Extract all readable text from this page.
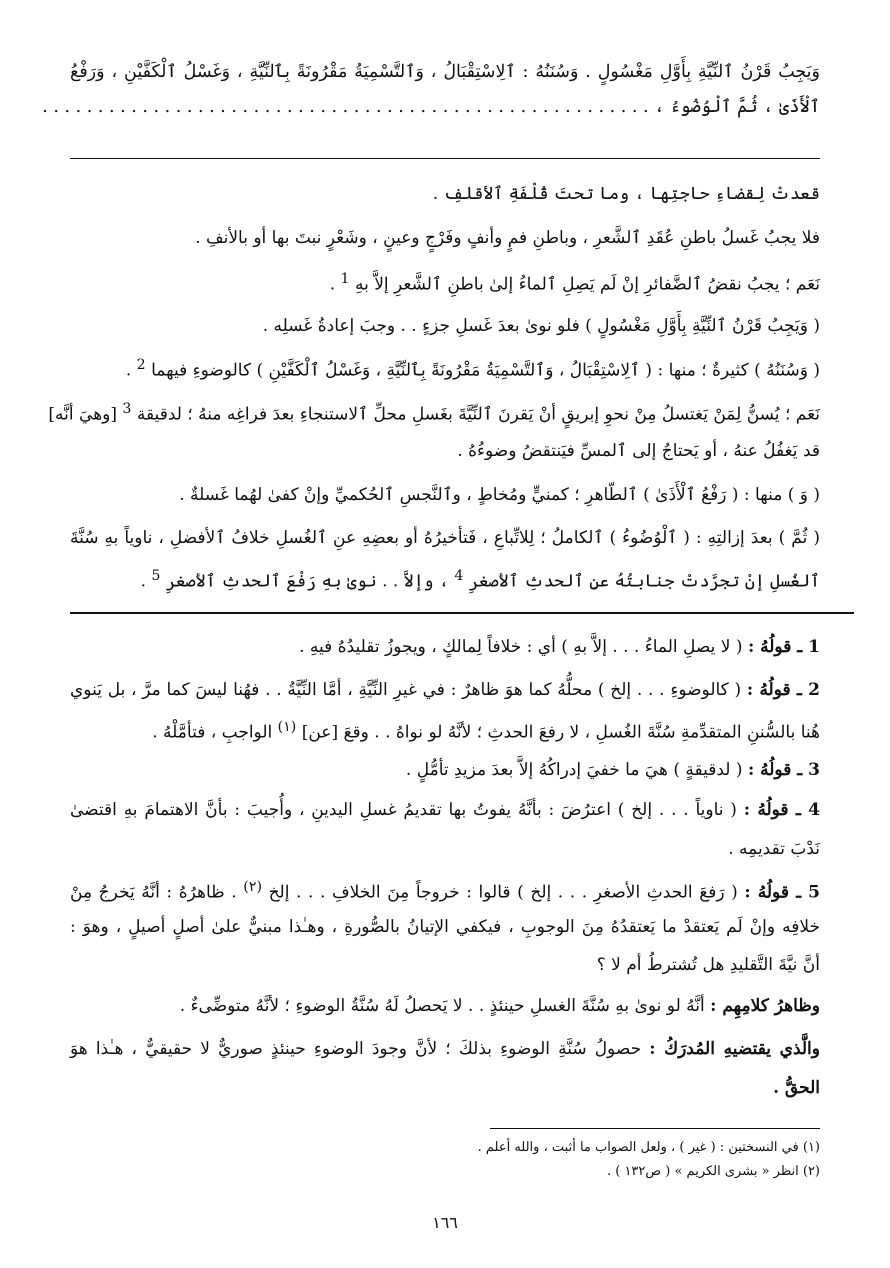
وَيَجِبُ قَرْنُ ٱلنِّيَّةِ بِأَوَّلِ مَغْسُولٍ . وَسُنَنُهُ : ٱلِاسْتِقْبَالُ ، وَٱلتَّسْمِيَةُ مَقْرُونَةً بِٱلنِّيَّةِ ، وَغَسْلُ ٱلْكَفَّيْنِ ، وَرَفْعُ
ٱلْأَذَىٰ ، ثُمَّ ٱلْوُضُوءُ ، . . . . . . . . . . . . . . . . . . . . . . . . . . . . . . . . . . . . . . . . . . . . . . . . . . . . . . .
قعدتْ لِقضاءِ حاجتِها ، وما تحتَ قُلْفَةِ ٱلأقلفِ .
فلا يجبُ غَسلُ باطنِ عُقَدِ ٱلشَّعرِ ، وباطنِ فمٍ وأنفٍ وفَرْجٍ وعينٍ ، وشَعْرٍ نبتَ بها أو بالأنفِ .
نَعَم ؛ يجبُ نقضُ ٱلضَّفائرِ إنْ لَم يَصِلِ ٱلماءُ إلىٰ باطنِ ٱلشَّعرِ إلاَّ بهِ $^1$ .
( وَيَجِبُ قَرْنُ ٱلنِّيَّةِ بِأَوَّلِ مَغْسُولٍ ) فلو نوىٰ بعدَ غَسلِ جزءٍ . . وجبَ إعادةُ غَسلِه .
( وَسُنَنُهُ ) كثيرةٌ ؛ منها : ( ٱلِاسْتِقْبَالُ ، وَٱلتَّسْمِيَةُ مَقْرُونَةً بِٱلنِّيَّةِ ، وَغَسْلُ ٱلْكَفَّيْنِ ) كالوضوءِ فيهما $^2$ .
نَعَم ؛ يُسنُّ لِمَنْ يَغتسلُ مِنْ نحوِ إبريقٍ أنْ يَقرنَ ٱلنِّيَّةَ بغَسلِ محلِّ ٱلاستنجاءِ بعدَ فراغِه منهُ ؛ لدقيقة $^3$ [وهيَ أنَّه]
قد يَغفُلُ عنهُ ، أو يَحتاجُ إلى ٱلمسِّ فيَنتقضُ وضوءُهُ .
( وَ ) منها : ( رَفْعُ ٱلْأَذَىٰ ) ٱلطّاهرِ ؛ كمنيٍّ ومُخاطٍ ، وٱلنَّجسِ ٱلحُكميِّ وإنْ كفىٰ لهُما غَسلةٌ .
( ثُمَّ ) بعدَ إزالتِهِ : ( ٱلْوُضُوءُ ) ٱلكاملُ ؛ لِلاتِّباعِ ، فَتأخيرُهُ أو بعضِهِ عنِ ٱلغُسلِ خلافُ ٱلأفضلِ ، ناوياً بهِ سُنَّةَ
ٱلغُسلِ إنْ تجرَّدتْ جنابتُهُ عنِ ٱلحدثِ ٱلأصغرِ $^4$ ، وإلاَّ . . نوىٰ بهِ رَفْعَ ٱلحدثِ ٱلأصغرِ $^5$ .
1 ـ قولُهُ : ( لا يصلِ الماءُ . . . إلاَّ بهِ ) أي : خلافاً لِمالكٍ ، ويجوزُ تقليدُهُ فيهِ .
2 ـ قولُهُ : ( كالوضوءِ . . . إلخ ) محلُّهُ كما هوَ ظاهرٌ : في غيرِ النِّيَّةِ ، أمَّا النِّيَّةُ . . فهُنا ليسَ كما مرَّ ، بل يَنوي
هُنا بالسُّننِ المتقدِّمةِ سُنَّةَ الغُسلِ ، لا رفعَ الحدثِ ؛ لأنَّهُ لو نواهُ . . وقعَ [عن] $^{(١)}$ الواجبِ ، فتأمَّلْهُ .
3 ـ قولُهُ : ( لدقيقةٍ ) هيَ ما خفيَ إدراكُهُ إلاَّ بعدَ مزيدِ تأمُّلٍ .
4 ـ قولُهُ : ( ناوياً . . . إلخ ) اعترُضَ : بأنَّهُ يفوتُ بها تقديمُ غسلِ اليدينِ ، وأُجيبَ : بأنَّ الاهتمامَ بهِ اقتضىٰ
نَدْبَ تقديمِه .
5 ـ قولُهُ : ( رَفعَ الحدثِ الأصغرِ . . . إلخ ) قالوا : خروجاً مِنَ الخلافِ . . . إلخ $^{(٢)}$ . ظاهرُهُ : أنَّهُ يَخرجُ مِنْ
خلافِه وإنْ لَم يَعتقدْ ما يَعتقدُهُ مِنَ الوجوبِ ، فيكفي الإتيانُ بالصُّورةِ ، وهـٰذا مبنيٌّ علىٰ أصلٍ أصيلٍ ، وهوَ :
أنَّ نيَّةَ التَّقليدِ هل تُشترطُ أم لا ؟
وظاهرُ كلامِهِم : أنَّهُ لو نوىٰ بهِ سُنَّةَ الغسلِ حينئذٍ . . لا يَحصلُ لَهُ سُنَّةُ الوضوءِ ؛ لأنَّهُ متوضِّىءٌ .
والَّذي يقتضيهِ المُدرَكُ : حصولُ سُنَّةِ الوضوءِ بذلكَ ؛ لأنَّ وجودَ الوضوءِ حينئذٍ صوريٌّ لا حقيقيٌّ ، هـٰذا هوَ
الحقُّ .
(١) في النسختين : ( غير ) ، ولعل الصواب ما أثبت ، والله أعلم .
(٢) انظر « بشرى الكريم » ( ص١٣٢ ) .
١٦٦
